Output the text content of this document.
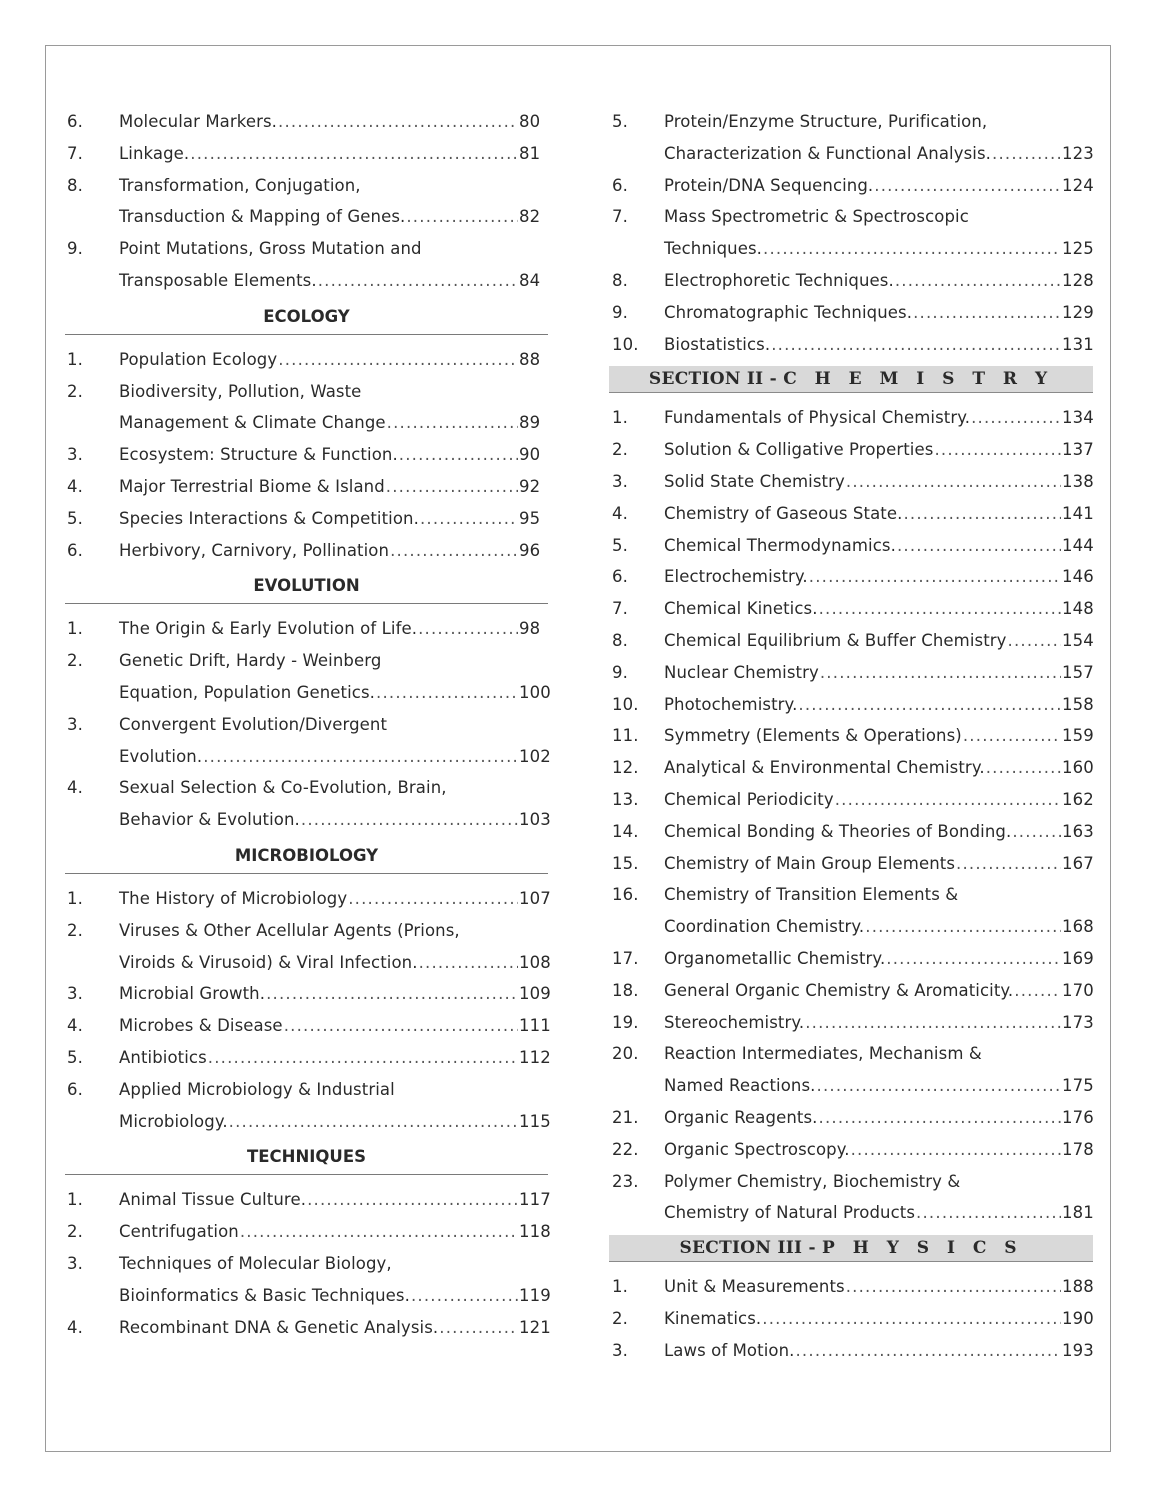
6.	Molecular Markers. .....	80
7.	Linkage. .....	81
8.	Transformation, Conjugation,
Transduction & Mapping of Genes. .....	82
9.	Point Mutations, Gross Mutation and
Transposable Elements. .....	84
ECOLOGY
1.	Population Ecology .....	88
2.	Biodiversity, Pollution, Waste
Management & Climate Change .....	89
3.	Ecosystem: Structure & Function. .....	90
4.	Major Terrestrial Biome & Island .....	92
5.	Species Interactions & Competition. .....	95
6.	Herbivory, Carnivory, Pollination .....	96
EVOLUTION
1.	The Origin & Early Evolution of Life. .....	98
2.	Genetic Drift, Hardy - Weinberg
Equation, Population Genetics. .....	100
3.	Convergent Evolution/Divergent
Evolution. .....	102
4.	Sexual Selection & Co-Evolution, Brain,
Behavior & Evolution. .....	103
MICROBIOLOGY
1.	The History of Microbiology .....	107
2.	Viruses & Other Acellular Agents (Prions,
Viroids & Virusoid) & Viral Infection. .....	108
3.	Microbial Growth. .....	109
4.	Microbes & Disease .....	111
5.	Antibiotics .....	112
6.	Applied Microbiology & Industrial
Microbiology. .....	115
TECHNIQUES
1.	Animal Tissue Culture. .....	117
2.	Centrifugation .....	118
3.	Techniques of Molecular Biology,
Bioinformatics & Basic Techniques. .....	119
4.	Recombinant DNA & Genetic Analysis. .....	121
5.	Protein/Enzyme Structure, Purification,
Characterization & Functional Analysis. .....	123
6.	Protein/DNA Sequencing. .....	124
7.	Mass Spectrometric & Spectroscopic
Techniques. .....	125
8.	Electrophoretic Techniques. .....	128
9.	Chromatographic Techniques. .....	129
10.	Biostatistics. .....	131
SECTION II - C H E M I S T R Y
1.	Fundamentals of Physical Chemistry. .....	134
2.	Solution & Colligative Properties .....	137
3.	Solid State Chemistry .....	138
4.	Chemistry of Gaseous State. .....	141
5.	Chemical Thermodynamics. .....	144
6.	Electrochemistry. .....	146
7.	Chemical Kinetics. .....	148
8.	Chemical Equilibrium & Buffer Chemistry .....	154
9.	Nuclear Chemistry .....	157
10.	Photochemistry. .....	158
11.	Symmetry (Elements & Operations) .....	159
12.	Analytical & Environmental Chemistry. .....	160
13.	Chemical Periodicity .....	162
14.	Chemical Bonding & Theories of Bonding. .....	163
15.	Chemistry of Main Group Elements .....	167
16.	Chemistry of Transition Elements &
Coordination Chemistry. .....	168
17.	Organometallic Chemistry. .....	169
18.	General Organic Chemistry & Aromaticity. .....	170
19.	Stereochemistry. .....	173
20.	Reaction Intermediates, Mechanism &
Named Reactions. .....	175
21.	Organic Reagents. .....	176
22.	Organic Spectroscopy. .....	178
23.	Polymer Chemistry, Biochemistry &
Chemistry of Natural Products .....	181
SECTION III - P H Y S I C S
1.	Unit & Measurements .....	188
2.	Kinematics. .....	190
3.	Laws of Motion. .....	193
